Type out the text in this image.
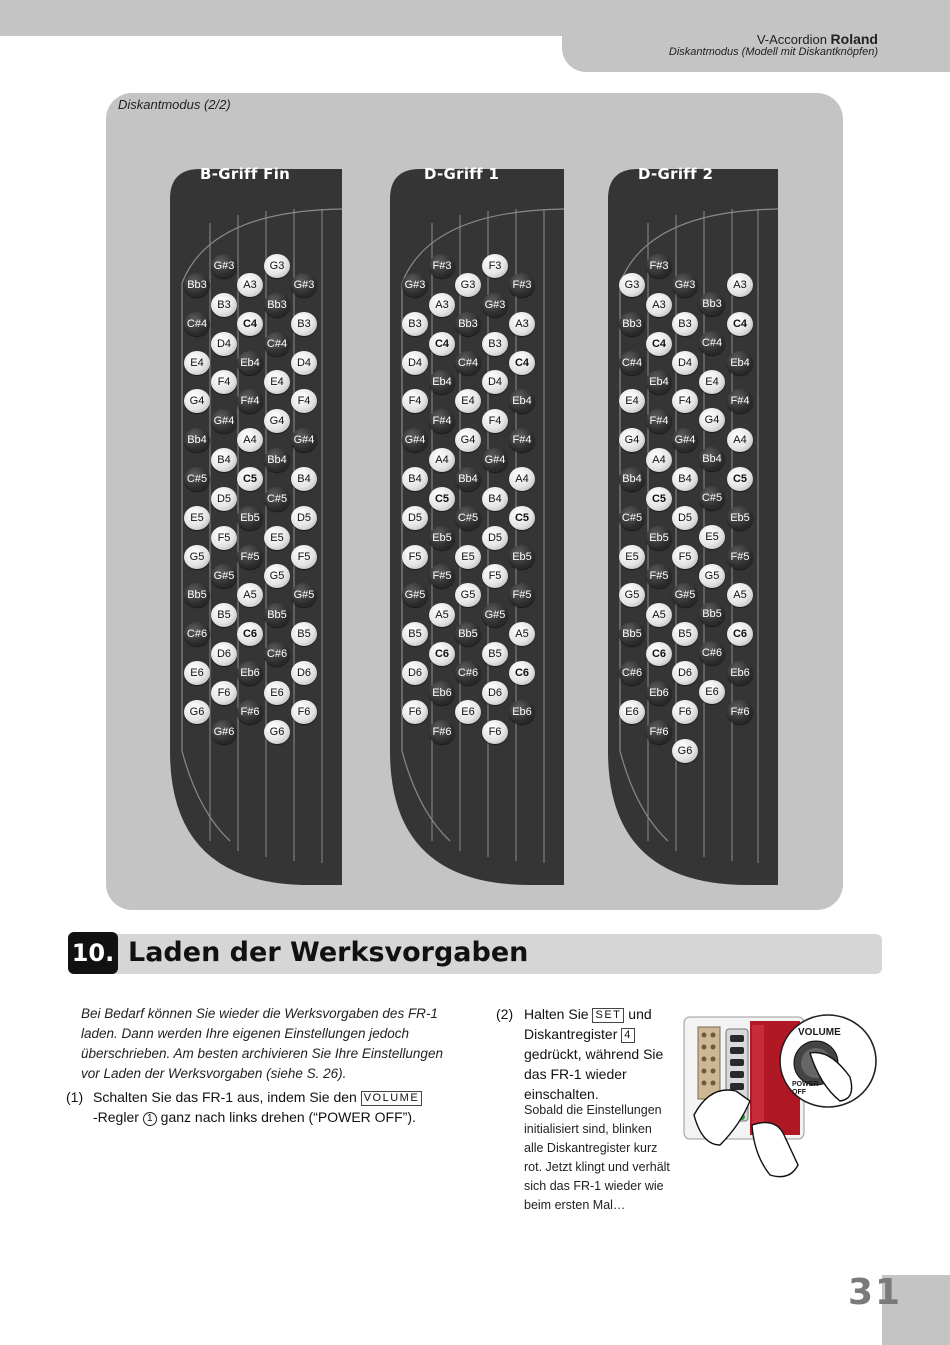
V-Accordion Roland
Diskantmodus (Modell mit Diskantknöpfen)
Diskantmodus (2/2)
B-Griff Fin
Bb3
C#4
E4
G4
Bb4
C#5
E5
G5
Bb5
C#6
E6
G6
G#3
B3
D4
F4
G#4
B4
D5
F5
G#5
B5
D6
F6
G#6
A3
C4
Eb4
F#4
A4
C5
Eb5
F#5
A5
C6
Eb6
F#6
G3
Bb3
C#4
E4
G4
Bb4
C#5
E5
G5
Bb5
C#6
E6
G6
G#3
B3
D4
F4
G#4
B4
D5
F5
G#5
B5
D6
F6
D-Griff 1
G#3
B3
D4
F4
G#4
B4
D5
F5
G#5
B5
D6
F6
F#3
A3
C4
Eb4
F#4
A4
C5
Eb5
F#5
A5
C6
Eb6
F#6
G3
Bb3
C#4
E4
G4
Bb4
C#5
E5
G5
Bb5
C#6
E6
F3
G#3
B3
D4
F4
G#4
B4
D5
F5
G#5
B5
D6
F6
F#3
A3
C4
Eb4
F#4
A4
C5
Eb5
F#5
A5
C6
Eb6
D-Griff 2
G3
Bb3
C#4
E4
G4
Bb4
C#5
E5
G5
Bb5
C#6
E6
F#3
A3
C4
Eb4
F#4
A4
C5
Eb5
F#5
A5
C6
Eb6
F#6
G#3
B3
D4
F4
G#4
B4
D5
F5
G#5
B5
D6
F6
G6
Bb3
C#4
E4
G4
Bb4
C#5
E5
G5
Bb5
C#6
E6
A3
C4
Eb4
F#4
A4
C5
Eb5
F#5
A5
C6
Eb6
F#6
10. Laden der Werksvorgaben
Bei Bedarf können Sie wieder die Werksvorgaben des FR-1 laden. Dann werden Ihre eigenen Einstellungen jedoch überschrieben. Am besten archivieren Sie Ihre Einstellungen vor Laden der Werksvorgaben (siehe S. 26).
(1) Schalten Sie das FR-1 aus, indem Sie den VOLUME-Regler 1 ganz nach links drehen (“POWER OFF”).
(2) Halten Sie SET und
Diskantregister 4
gedrückt, während Sie das FR-1 wieder einschalten.
Sobald die Einstellungen initialisiert sind, blinken alle Diskantregister kurz rot. Jetzt klingt und verhält sich das FR-1 wieder wie beim ersten Mal…
VOLUME
POWER OFF
31
